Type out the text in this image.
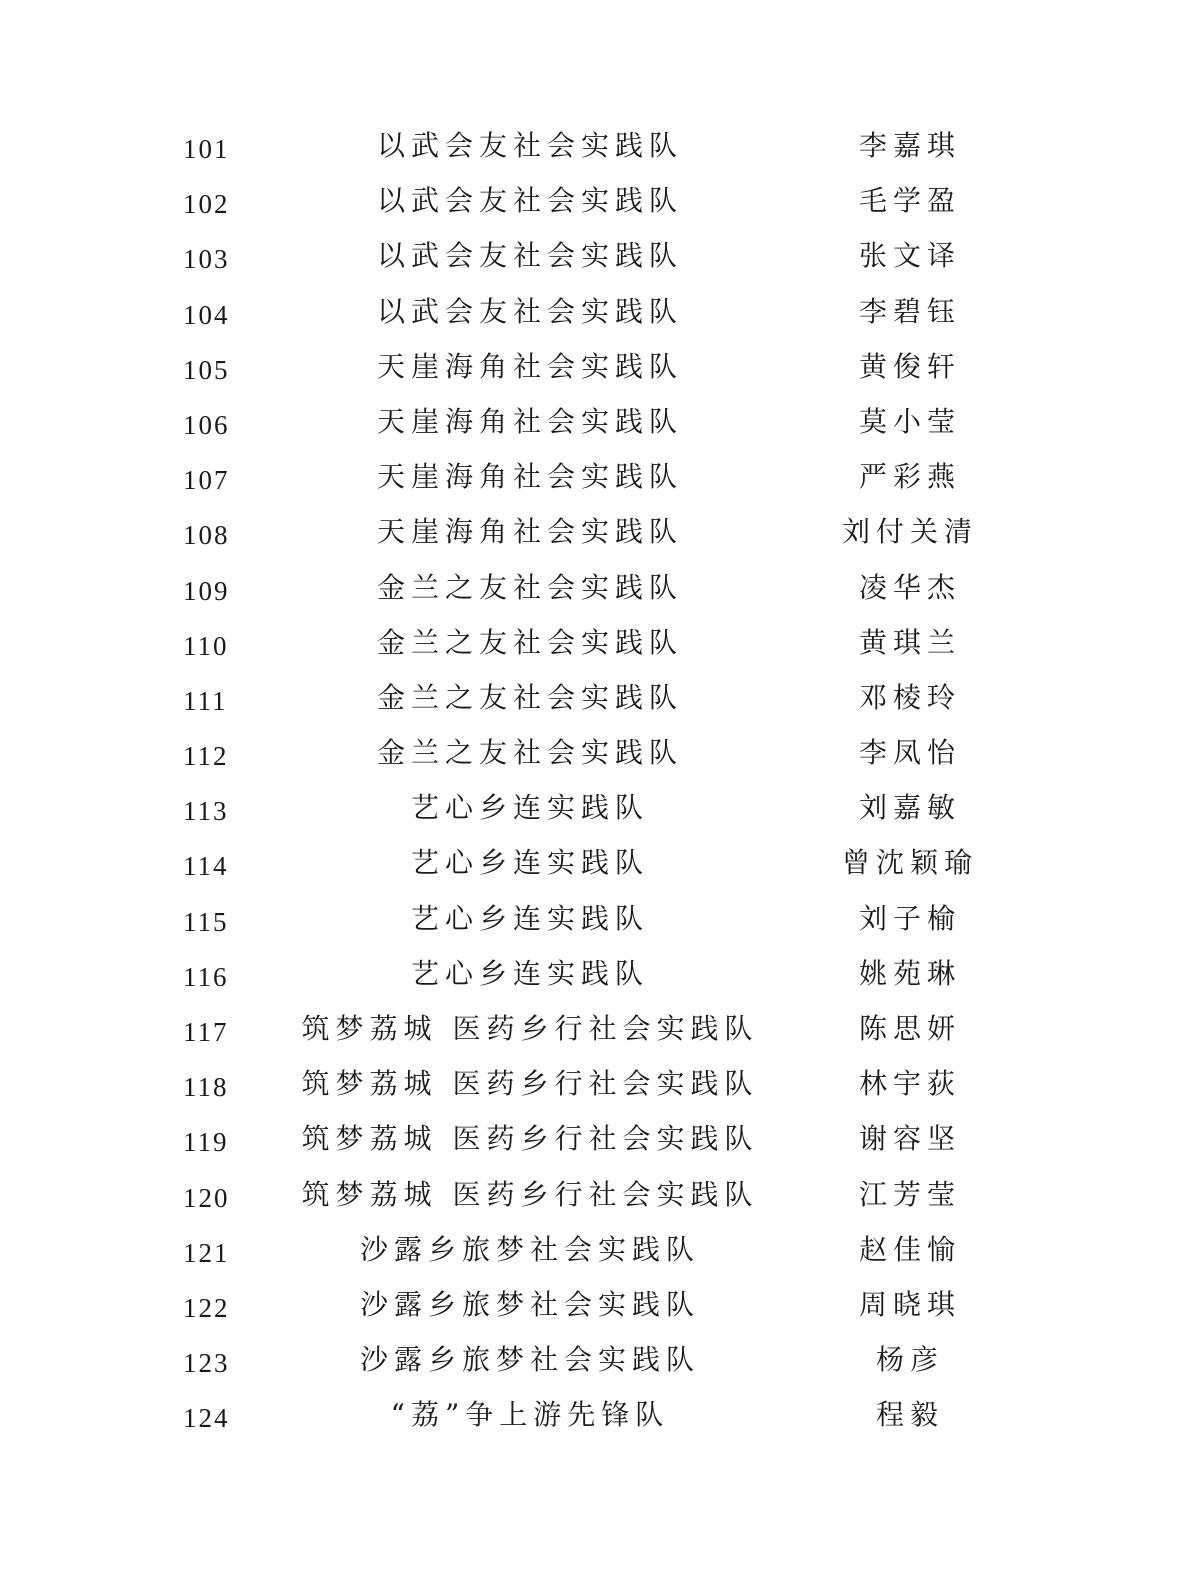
101	以武会友社会实践队	李嘉琪
102	以武会友社会实践队	毛学盈
103	以武会友社会实践队	张文译
104	以武会友社会实践队	李碧钰
105	天崖海角社会实践队	黄俊轩
106	天崖海角社会实践队	莫小莹
107	天崖海角社会实践队	严彩燕
108	天崖海角社会实践队	刘付关清
109	金兰之友社会实践队	凌华杰
110	金兰之友社会实践队	黄琪兰
111	金兰之友社会实践队	邓棱玲
112	金兰之友社会实践队	李凤怡
113	艺心乡连实践队	刘嘉敏
114	艺心乡连实践队	曾沈颖瑜
115	艺心乡连实践队	刘子榆
116	艺心乡连实践队	姚苑琳
117	筑梦荔城 医药乡行社会实践队	陈思妍
118	筑梦荔城 医药乡行社会实践队	林宇荻
119	筑梦荔城 医药乡行社会实践队	谢容坚
120	筑梦荔城 医药乡行社会实践队	江芳莹
121	沙露乡旅梦社会实践队	赵佳愉
122	沙露乡旅梦社会实践队	周晓琪
123	沙露乡旅梦社会实践队	杨彦
124	“荔”争上游先锋队	程毅
